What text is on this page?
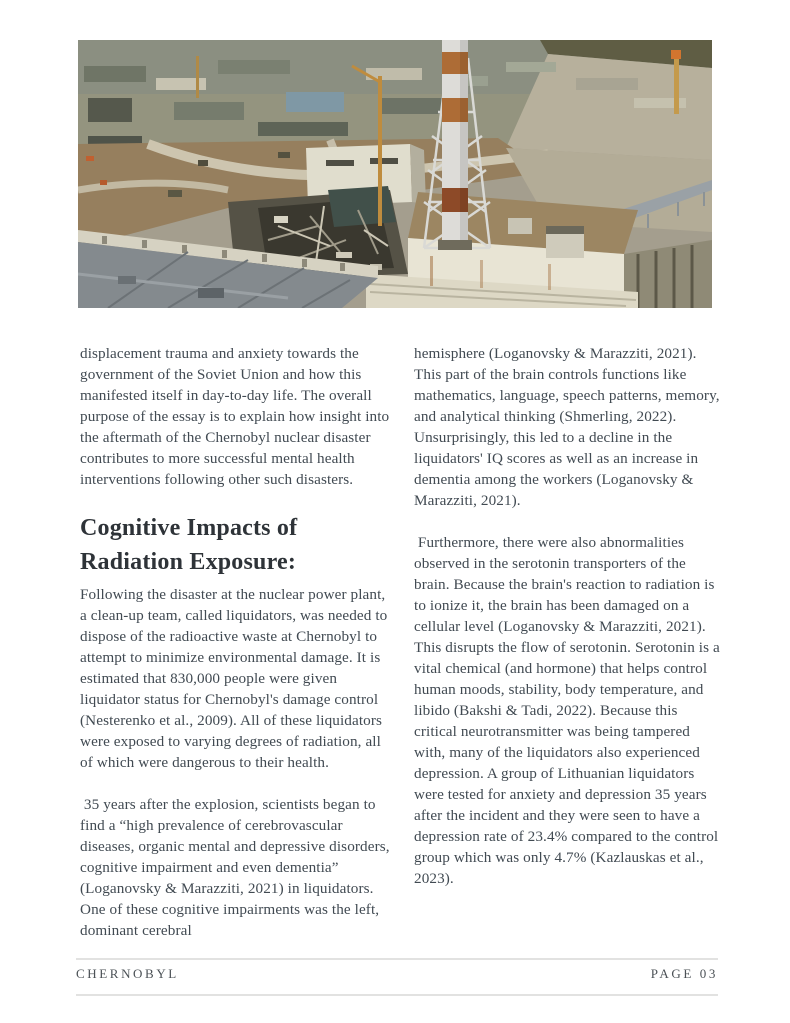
displacement trauma and anxiety towards the government of the Soviet Union and how this manifested itself in day-to-day life. The overall purpose of the essay is to explain how insight into the aftermath of the Chernobyl nuclear disaster contributes to more successful mental health interventions following other such disasters.

Cognitive Impacts of Radiation Exposure:

Following the disaster at the nuclear power plant, a clean-up team, called liquidators, was needed to dispose of the radioactive waste at Chernobyl to attempt to minimize environmental damage. It is estimated that 830,000 people were given liquidator status for Chernobyl's damage control (Nesterenko et al., 2009). All of these liquidators were exposed to varying degrees of radiation, all of which were dangerous to their health.

35 years after the explosion, scientists began to find a “high prevalence of cerebrovascular diseases, organic mental and depressive disorders, cognitive impairment and even dementia” (Loganovsky & Marazziti, 2021) in liquidators. One of these cognitive impairments was the left, dominant cerebral

hemisphere (Loganovsky & Marazziti, 2021). This part of the brain controls functions like mathematics, language, speech patterns, memory, and analytical thinking (Shmerling, 2022). Unsurprisingly, this led to a decline in the liquidators' IQ scores as well as an increase in dementia among the workers (Loganovsky & Marazziti, 2021).

Furthermore, there were also abnormalities observed in the serotonin transporters of the brain. Because the brain's reaction to radiation is to ionize it, the brain has been damaged on a cellular level (Loganovsky & Marazziti, 2021). This disrupts the flow of serotonin. Serotonin is a vital chemical (and hormone) that helps control human moods, stability, body temperature, and libido (Bakshi & Tadi, 2022). Because this critical neurotransmitter was being tampered with, many of the liquidators also experienced depression. A group of Lithuanian liquidators were tested for anxiety and depression 35 years after the incident and they were seen to have a depression rate of 23.4% compared to the control group which was only 4.7% (Kazlauskas et al., 2023).

CHERNOBYL	PAGE 03
